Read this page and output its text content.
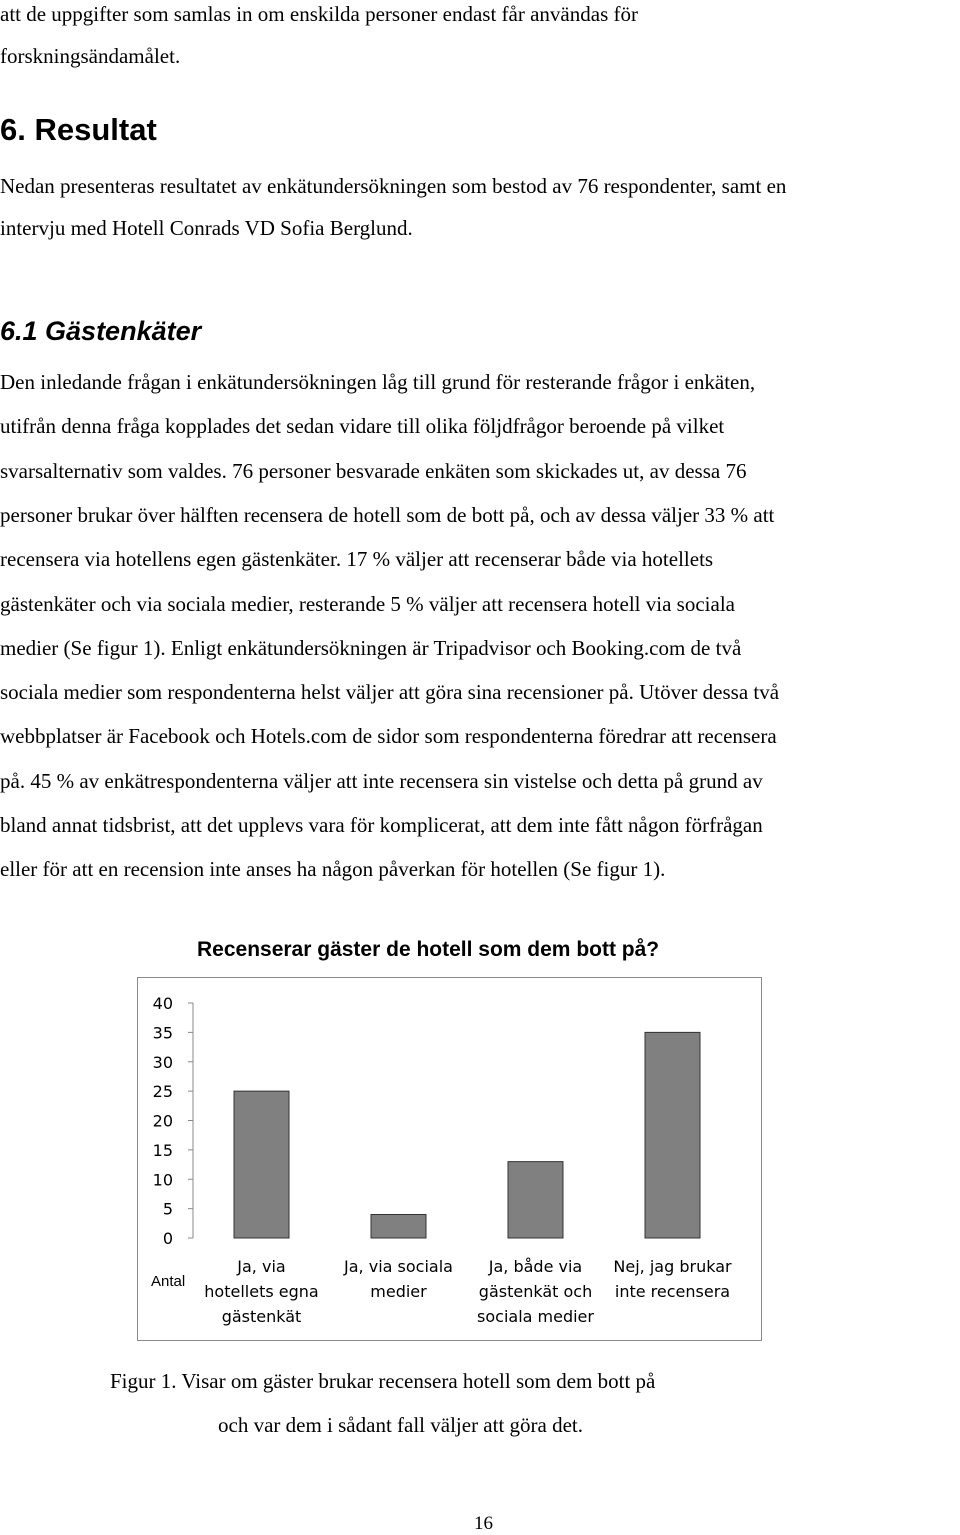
att de uppgifter som samlas in om enskilda personer endast får användas för
forskningsändamålet.
6. Resultat
Nedan presenteras resultatet av enkätundersökningen som bestod av 76 respondenter, samt en
intervju med Hotell Conrads VD Sofia Berglund.
6.1 Gästenkäter
Den inledande frågan i enkätundersökningen låg till grund för resterande frågor i enkäten,
utifrån denna fråga kopplades det sedan vidare till olika följdfrågor beroende på vilket
svarsalternativ som valdes. 76 personer besvarade enkäten som skickades ut, av dessa 76
personer brukar över hälften recensera de hotell som de bott på, och av dessa väljer 33 % att
recensera via hotellens egen gästenkäter. 17 % väljer att recenserar både via hotellets
gästenkäter och via sociala medier, resterande 5 % väljer att recensera hotell via sociala
medier (Se figur 1). Enligt enkätundersökningen är Tripadvisor och Booking.com de två
sociala medier som respondenterna helst väljer att göra sina recensioner på. Utöver dessa två
webbplatser är Facebook och Hotels.com de sidor som respondenterna föredrar att recensera
på. 45 % av enkätrespondenterna väljer att inte recensera sin vistelse och detta på grund av
bland annat tidsbrist, att det upplevs vara för komplicerat, att dem inte fått någon förfrågan
eller för att en recension inte anses ha någon påverkan för hotellen (Se figur 1).
Recenserar gäster de hotell som dem bott på?
0
5
10
15
20
25
30
35
40
Ja, via
hotellets egna
gästenkät
Ja, via sociala
medier
Ja, både via
gästenkät och
sociala medier
Nej, jag brukar
inte recensera
Antal
Figur 1. Visar om gäster brukar recensera hotell som dem bott på
och var dem i sådant fall väljer att göra det.
16
